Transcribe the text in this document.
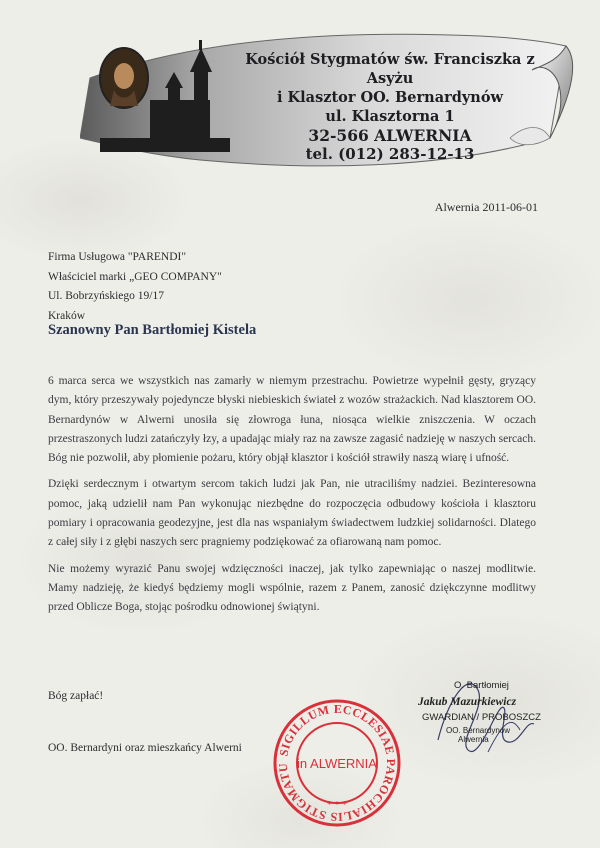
Kościół Stygmatów św. Franciszka z Asyżu
i Klasztor OO. Bernardynów
ul. Klasztorna 1
32-566 ALWERNIA
tel. (012) 283-12-13
Alwernia 2011-06-01
Firma Usługowa "PARENDI"
Właściciel marki „GEO COMPANY"
Ul. Bobrzyńskiego 19/17
Kraków
Szanowny Pan Bartłomiej Kistela

6 marca serca we wszystkich nas zamarły w niemym przestrachu. Powietrze wypełnił gęsty, gryzący dym, który przeszywały pojedyncze błyski niebieskich świateł z wozów strażackich. Nad klasztorem OO. Bernardynów w Alwerni unosiła się złowroga łuna, niosąca wielkie zniszczenia. W oczach przestraszonych ludzi zatańczyły łzy, a upadając miały raz na zawsze zagasić nadzieję w naszych sercach. Bóg nie pozwolił, aby płomienie pożaru, który objął klasztor i kościół strawiły naszą wiarę i ufność.

Dzięki serdecznym i otwartym sercom takich ludzi jak Pan, nie utraciliśmy nadziei. Bezinteresowna pomoc, jaką udzielił nam Pan wykonując niezbędne do rozpoczęcia odbudowy kościoła i klasztoru pomiary i opracowania geodezyjne, jest dla nas wspaniałym świadectwem ludzkiej solidarności. Dlatego z całej siły i z głębi naszych serc pragniemy podziękować za ofiarowaną nam pomoc.

Nie możemy wyrazić Panu swojej wdzięczności inaczej, jak tylko zapewniając o naszej modlitwie. Mamy nadzieję, że kiedyś będziemy mogli wspólnie, razem z Panem, zanosić dziękczynne modlitwy przed Oblicze Boga, stojąc pośrodku odnowionej świątyni.

Bóg zapłać!
OO. Bernardyni oraz mieszkańcy Alwerni	SIGILLUM ECCLESIAE PAROCHIALIS STIGMATU in ALWERNIA
* * *
O. Bartłomiej
Jakub Mazurkiewicz
GWARDIAN / PROBOSZCZ
OO. Bernardynów
Alwernia
